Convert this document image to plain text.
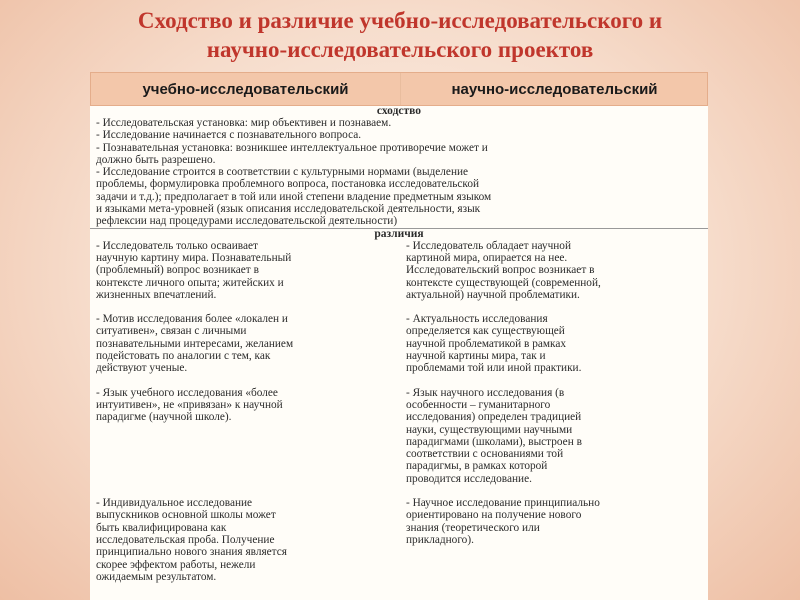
Сходство и различие учебно-исследовательского и
научно-исследовательского проектов
учебно-исследовательский	научно-исследовательский
сходство

- Исследовательская установка: мир объективен и познаваем.

- Исследование начинается с познавательного вопроса.

- Познавательная установка: возникшее интеллектуальное противоречие может и

должно быть разрешено.

- Исследование строится в соответствии с культурными нормами (выделение

проблемы, формулировка проблемного вопроса, постановка исследовательской

задачи и т.д.); предполагает в той или иной степени владение предметным языком

и языками мета-уровней (язык описания исследовательской деятельности, язык

рефлексии над процедурами исследовательской деятельности)

различия

- Исследователь только осваивает

научную картину мира. Познавательный

(проблемный) вопрос возникает в

контексте личного опыта; житейских и

жизненных впечатлений.

- Исследователь обладает научной

картиной мира, опирается на нее.

Исследовательский вопрос возникает в

контексте существующей (современной,

актуальной) научной проблематики.

- Мотив исследования более «локален и

ситуативен», связан с личными

познавательными интересами, желанием

подейстовать по аналогии с тем, как

действуют ученые.

- Актуальность исследования

определяется как существующей

научной проблематикой в рамках

научной картины мира, так и

проблемами той или иной практики.

- Язык учебного исследования «более

интуитивен», не «привязан» к научной

парадигме (научной школе).

- Язык научного исследования (в

особенности – гуманитарного

исследования) определен традицией

науки, существующими научными

парадигмами (школами), выстроен в

соответствии с основаниями той

парадигмы, в рамках которой

проводится исследование.

- Индивидуальное исследование

выпускников основной школы может

быть квалифицирована как

исследовательская проба. Получение

принципиально нового знания является

скорее эффектом работы, нежели

ожидаемым результатом.

- Научное исследование принципиально

ориентировано на получение нового

знания (теоретического или

прикладного).
